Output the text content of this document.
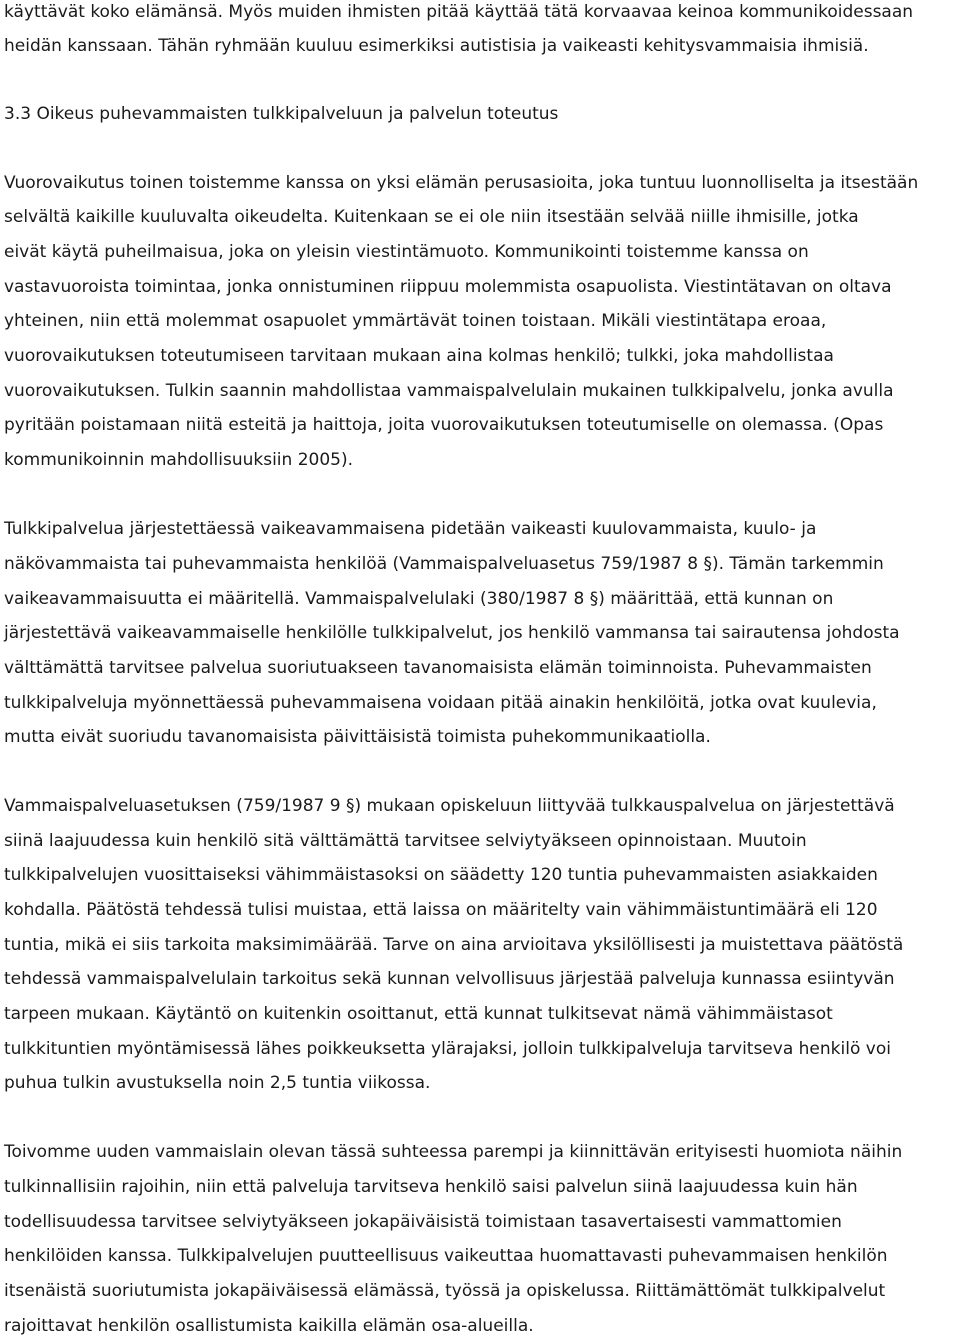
käyttävät koko elämänsä. Myös muiden ihmisten pitää käyttää tätä korvaavaa keinoa kommunikoidessaan
heidän kanssaan. Tähän ryhmään kuuluu esimerkiksi autistisia ja vaikeasti kehitysvammaisia ihmisiä.
3.3 Oikeus puhevammaisten tulkkipalveluun ja palvelun toteutus
Vuorovaikutus toinen toistemme kanssa on yksi elämän perusasioita, joka tuntuu luonnolliselta ja itsestään
selvältä kaikille kuuluvalta oikeudelta. Kuitenkaan se ei ole niin itsestään selvää niille ihmisille, jotka
eivät käytä puheilmaisua, joka on yleisin viestintämuoto. Kommunikointi toistemme kanssa on
vastavuoroista toimintaa, jonka onnistuminen riippuu molemmista osapuolista. Viestintätavan on oltava
yhteinen, niin että molemmat osapuolet ymmärtävät toinen toistaan. Mikäli viestintätapa eroaa,
vuorovaikutuksen toteutumiseen tarvitaan mukaan aina kolmas henkilö; tulkki, joka mahdollistaa
vuorovaikutuksen. Tulkin saannin mahdollistaa vammaispalvelulain mukainen tulkkipalvelu, jonka avulla
pyritään poistamaan niitä esteitä ja haittoja, joita vuorovaikutuksen toteutumiselle on olemassa. (Opas
kommunikoinnin mahdollisuuksiin 2005).
Tulkkipalvelua järjestettäessä vaikeavammaisena pidetään vaikeasti kuulovammaista, kuulo- ja
näkövammaista tai puhevammaista henkilöä (Vammaispalveluasetus 759/1987 8 §). Tämän tarkemmin
vaikeavammaisuutta ei määritellä. Vammaispalvelulaki (380/1987 8 §) määrittää, että kunnan on
järjestettävä vaikeavammaiselle henkilölle tulkkipalvelut, jos henkilö vammansa tai sairautensa johdosta
välttämättä tarvitsee palvelua suoriutuakseen tavanomaisista elämän toiminnoista. Puhevammaisten
tulkkipalveluja myönnettäessä puhevammaisena voidaan pitää ainakin henkilöitä, jotka ovat kuulevia,
mutta eivät suoriudu tavanomaisista päivittäisistä toimista puhekommunikaatiolla.
Vammaispalveluasetuksen (759/1987 9 §) mukaan opiskeluun liittyvää tulkkauspalvelua on järjestettävä
siinä laajuudessa kuin henkilö sitä välttämättä tarvitsee selviytyäkseen opinnoistaan. Muutoin
tulkkipalvelujen vuosittaiseksi vähimmäistasoksi on säädetty 120 tuntia puhevammaisten asiakkaiden
kohdalla. Päätöstä tehdessä tulisi muistaa, että laissa on määritelty vain vähimmäistuntimäärä eli 120
tuntia, mikä ei siis tarkoita maksimimäärää. Tarve on aina arvioitava yksilöllisesti ja muistettava päätöstä
tehdessä vammaispalvelulain tarkoitus sekä kunnan velvollisuus järjestää palveluja kunnassa esiintyvän
tarpeen mukaan. Käytäntö on kuitenkin osoittanut, että kunnat tulkitsevat nämä vähimmäistasot
tulkkituntien myöntämisessä lähes poikkeuksetta ylärajaksi, jolloin tulkkipalveluja tarvitseva henkilö voi
puhua tulkin avustuksella noin 2,5 tuntia viikossa.
Toivomme uuden vammaislain olevan tässä suhteessa parempi ja kiinnittävän erityisesti huomiota näihin
tulkinnallisiin rajoihin, niin että palveluja tarvitseva henkilö saisi palvelun siinä laajuudessa kuin hän
todellisuudessa tarvitsee selviytyäkseen jokapäiväisistä toimistaan tasavertaisesti vammattomien
henkilöiden kanssa. Tulkkipalvelujen puutteellisuus vaikeuttaa huomattavasti puhevammaisen henkilön
itsenäistä suoriutumista jokapäiväisessä elämässä, työssä ja opiskelussa. Riittämättömät tulkkipalvelut
rajoittavat henkilön osallistumista kaikilla elämän osa-alueilla.
